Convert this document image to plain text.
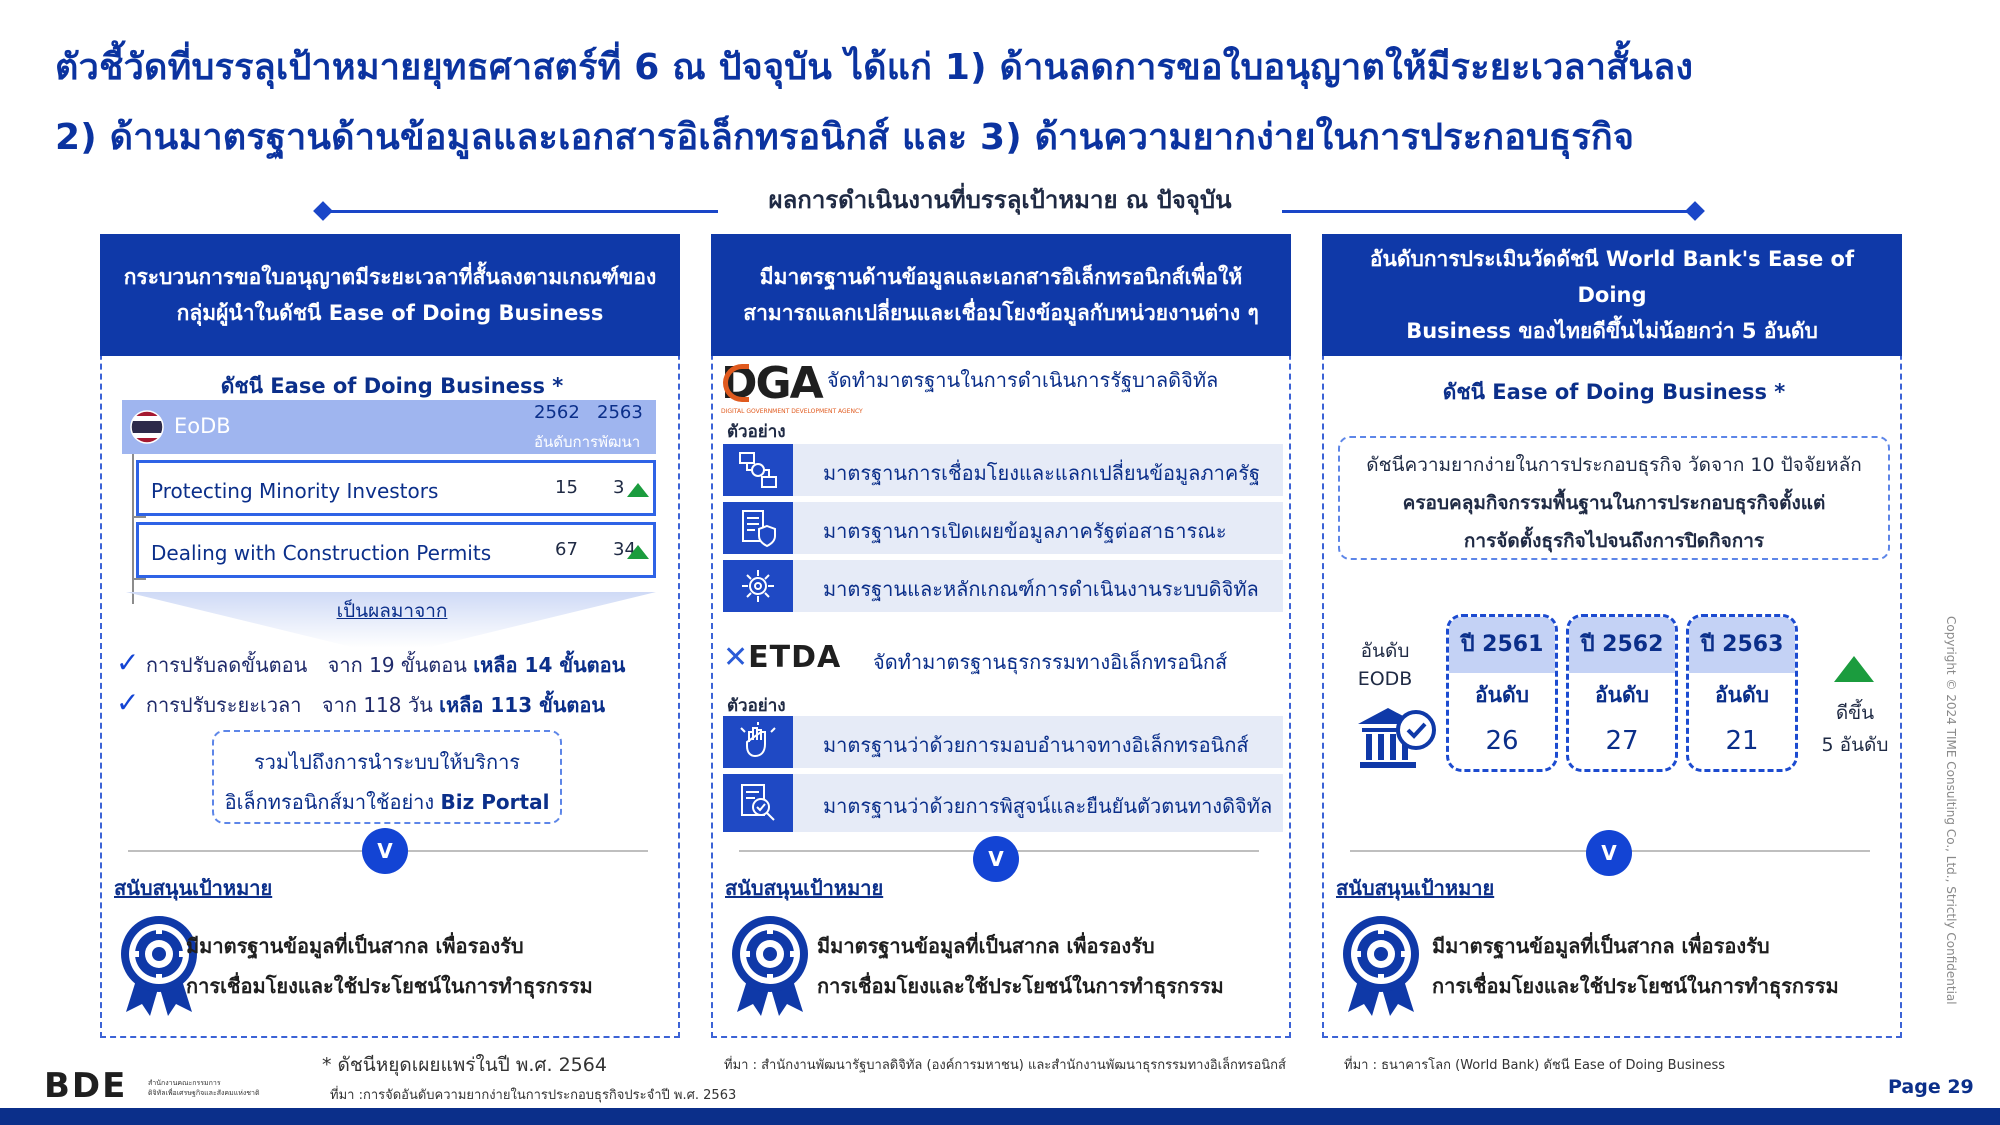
ตัวชี้วัดที่บรรลุเป้าหมายยุทธศาสตร์ที่ 6 ณ ปัจจุบัน ได้แก่ 1) ด้านลดการขอใบอนุญาตให้มีระยะเวลาสั้นลง
2) ด้านมาตรฐานด้านข้อมูลและเอกสารอิเล็กทรอนิกส์ และ 3) ด้านความยากง่ายในการประกอบธุรกิจ
ผลการดำเนินงานที่บรรลุเป้าหมาย ณ ปัจจุบัน
กระบวนการขอใบอนุญาตมีระยะเวลาที่สั้นลงตามเกณฑ์ของ
กลุ่มผู้นำในดัชนี Ease of Doing Business
ดัชนี Ease of Doing Business *
EoDB
2562 2563
อันดับการพัฒนา
Protecting Minority Investors	15 3
Dealing with Construction Permits	67 34
เป็นผลมาจาก
✓ การปรับลดขั้นตอน จาก 19 ขั้นตอน เหลือ 14 ขั้นตอน
✓ การปรับระยะเวลา จาก 118 วัน เหลือ 113 ขั้นตอน
รวมไปถึงการนำระบบให้บริการ
อิเล็กทรอนิกส์มาใช้อย่าง Biz Portal
V
สนับสนุนเป้าหมาย
มีมาตรฐานข้อมูลที่เป็นสากล เพื่อรองรับ
การเชื่อมโยงและใช้ประโยชน์ในการทำธุรกรรม
มีมาตรฐานด้านข้อมูลและเอกสารอิเล็กทรอนิกส์เพื่อให้
สามารถแลกเปลี่ยนและเชื่อมโยงข้อมูลกับหน่วยงานต่าง ๆ
DGA
DIGITAL GOVERNMENT DEVELOPMENT AGENCY
จัดทำมาตรฐานในการดำเนินการรัฐบาลดิจิทัล
ตัวอย่าง
มาตรฐานการเชื่อมโยงและแลกเปลี่ยนข้อมูลภาครัฐ
มาตรฐานการเปิดเผยข้อมูลภาครัฐต่อสาธารณะ
มาตรฐานและหลักเกณฑ์การดำเนินงานระบบดิจิทัล
✕ETDA จัดทำมาตรฐานธุรกรรมทางอิเล็กทรอนิกส์
ตัวอย่าง
มาตรฐานว่าด้วยการมอบอำนาจทางอิเล็กทรอนิกส์
มาตรฐานว่าด้วยการพิสูจน์และยืนยันตัวตนทางดิจิทัล
V
สนับสนุนเป้าหมาย
มีมาตรฐานข้อมูลที่เป็นสากล เพื่อรองรับ
การเชื่อมโยงและใช้ประโยชน์ในการทำธุรกรรม
อันดับการประเมินวัดดัชนี World Bank's Ease of Doing
Business ของไทยดีขึ้นไม่น้อยกว่า 5 อันดับ
ดัชนี Ease of Doing Business *
ดัชนีความยากง่ายในการประกอบธุรกิจ วัดจาก 10 ปัจจัยหลัก
ครอบคลุมกิจกรรมพื้นฐานในการประกอบธุรกิจตั้งแต่
การจัดตั้งธุรกิจไปจนถึงการปิดกิจการ
อันดับ
EODB
ปี 2561
อันดับ
26
ปี 2562
อันดับ
27
ปี 2563
อันดับ
21
ดีขึ้น
5 อันดับ
V
สนับสนุนเป้าหมาย
มีมาตรฐานข้อมูลที่เป็นสากล เพื่อรองรับ
การเชื่อมโยงและใช้ประโยชน์ในการทำธุรกรรม
* ดัชนีหยุดเผยแพร่ในปี พ.ศ. 2564
ที่มา :การจัดอันดับความยากง่ายในการประกอบธุรกิจประจำปี พ.ศ. 2563
ที่มา : สำนักงานพัฒนารัฐบาลดิจิทัล (องค์การมหาชน) และสำนักงานพัฒนาธุรกรรมทางอิเล็กทรอนิกส์	ที่มา : ธนาคารโลก (World Bank) ดัชนี Ease of Doing Business
BDE	สำนักงานคณะกรรมการ
ดิจิทัลเพื่อเศรษฐกิจและสังคมแห่งชาติ	Page 29
Copyright © 2024 TIME Consulting Co., Ltd., Strictly Confidential
